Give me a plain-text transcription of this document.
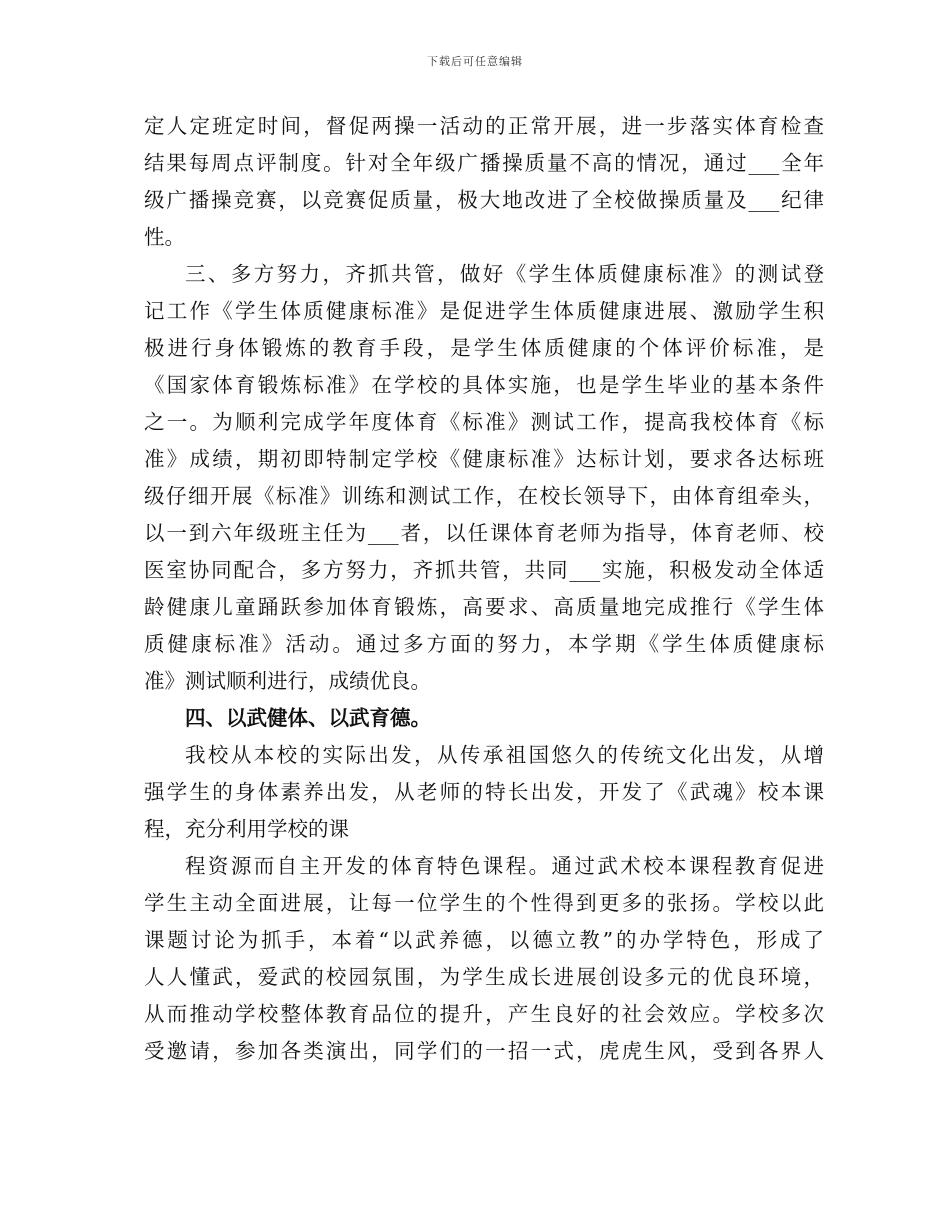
下载后可任意编辑
定人定班定时间，督促两操一活动的正常开展，进一步落实体育检查
结果每周点评制度。针对全年级广播操质量不高的情况，通过___全年
级广播操竞赛，以竞赛促质量，极大地改进了全校做操质量及___纪律
性。
三、多方努力，齐抓共管，做好《学生体质健康标准》的测试登
记工作《学生体质健康标准》是促进学生体质健康进展、激励学生积
极进行身体锻炼的教育手段，是学生体质健康的个体评价标准，是
《国家体育锻炼标准》在学校的具体实施，也是学生毕业的基本条件
之一。为顺利完成学年度体育《标准》测试工作，提高我校体育《标
准》成绩，期初即特制定学校《健康标准》达标计划，要求各达标班
级仔细开展《标准》训练和测试工作，在校长领导下，由体育组牵头，
以一到六年级班主任为___者，以任课体育老师为指导，体育老师、校
医室协同配合，多方努力，齐抓共管，共同___实施，积极发动全体适
龄健康儿童踊跃参加体育锻炼，高要求、高质量地完成推行《学生体
质健康标准》活动。通过多方面的努力，本学期《学生体质健康标
准》测试顺利进行，成绩优良。
四、以武健体、以武育德。
我校从本校的实际出发，从传承祖国悠久的传统文化出发，从增
强学生的身体素养出发，从老师的特长出发，开发了《武魂》校本课
程，充分利用学校的课
程资源而自主开发的体育特色课程。通过武术校本课程教育促进
学生主动全面进展，让每一位学生的个性得到更多的张扬。学校以此
课题讨论为抓手，本着“以武养德，以德立教”的办学特色，形成了
人人懂武，爱武的校园氛围，为学生成长进展创设多元的优良环境，
从而推动学校整体教育品位的提升，产生良好的社会效应。学校多次
受邀请，参加各类演出，同学们的一招一式，虎虎生风，受到各界人
